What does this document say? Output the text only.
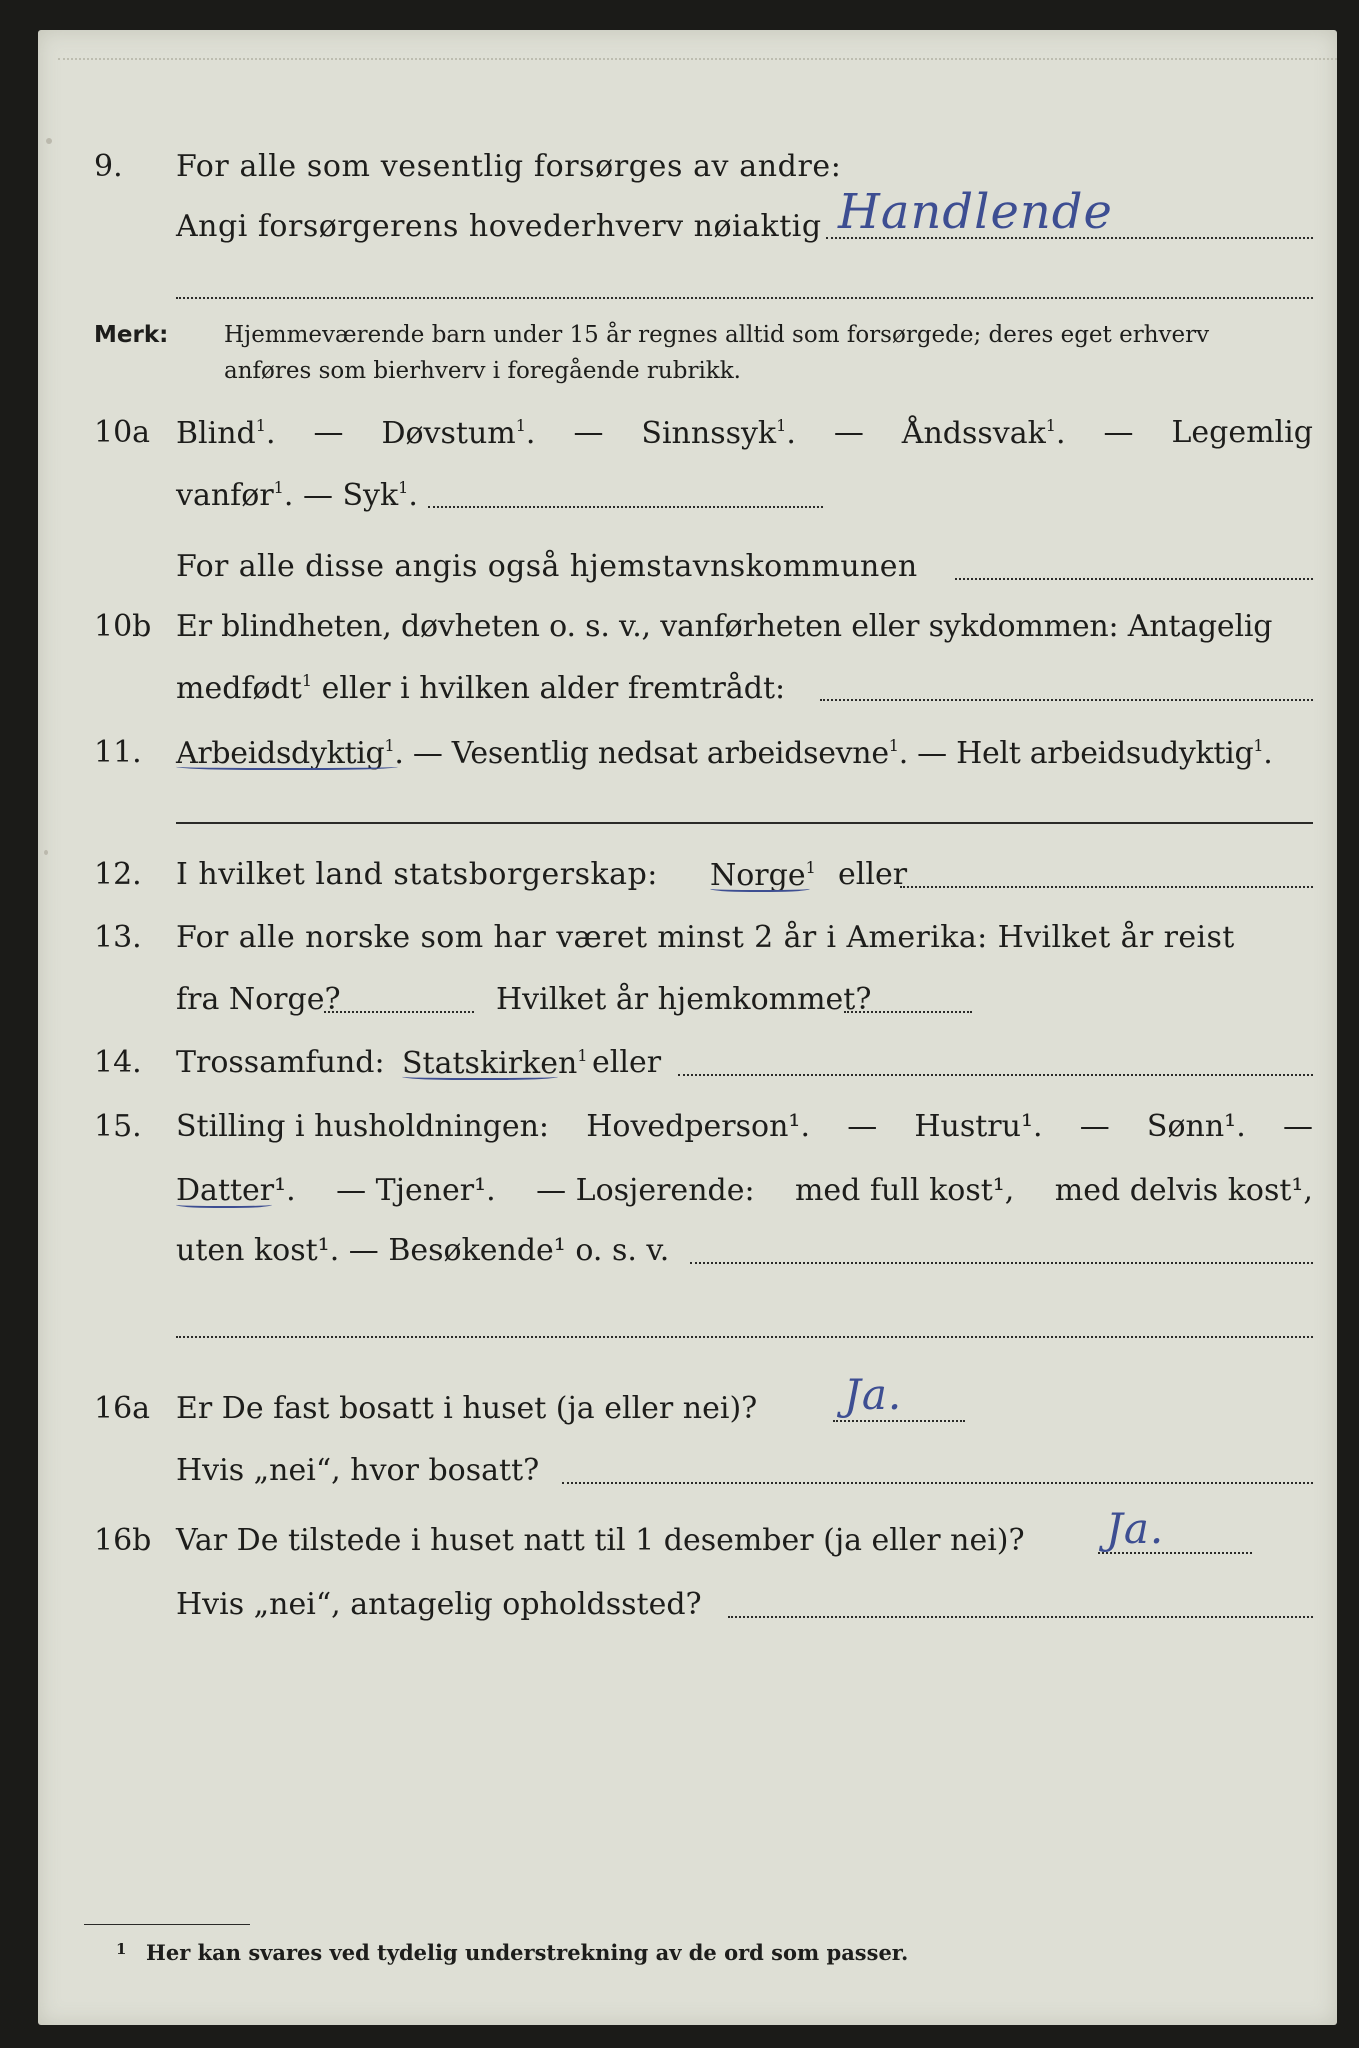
9. For alle som vesentlig forsørges av andre:
Angi forsørgerens hovederhverv nøiaktig Handlende
Merk: Hjemmeværende barn under 15 år regnes alltid som forsørgede; deres eget erhverv
anføres som bierhverv i foregående rubrikk.
10a Blind$^1$. — Døvstum$^1$. — Sinnssyk$^1$. — Åndssvak$^1$. — Legemlig
vanfør$^1$. — Syk$^1$.
For alle disse angis også hjemstavnskommunen
10b Er blindheten, døvheten o. s. v., vanførheten eller sykdommen: Antagelig
medfødt$^1$ eller i hvilken alder fremtrådt:
11. Arbeidsdyktig$^1$. — Vesentlig nedsat arbeidsevne$^1$. — Helt arbeidsudyktig$^1$.
12. I hvilket land statsborgerskap: Norge$^1$ eller
13. For alle norske som har været minst 2 år i Amerika: Hvilket år reist
fra Norge?	Hvilket år hjemkommet?
14. Trossamfund: Statskirken$^1$ eller
15. Stilling i husholdningen: Hovedperson¹. — Hustru¹. — Sønn¹. —
Datter¹. — Tjener¹. — Losjerende: med full kost¹, med delvis kost¹,
uten kost¹. — Besøkende¹ o. s. v.
16a Er De fast bosatt i huset (ja eller nei)? Ja.
Hvis „nei“, hvor bosatt?
16b Var De tilstede i huset natt til 1 desember (ja eller nei)? Ja.
Hvis „nei“, antagelig opholdssted?
1 Her kan svares ved tydelig understrekning av de ord som passer.
